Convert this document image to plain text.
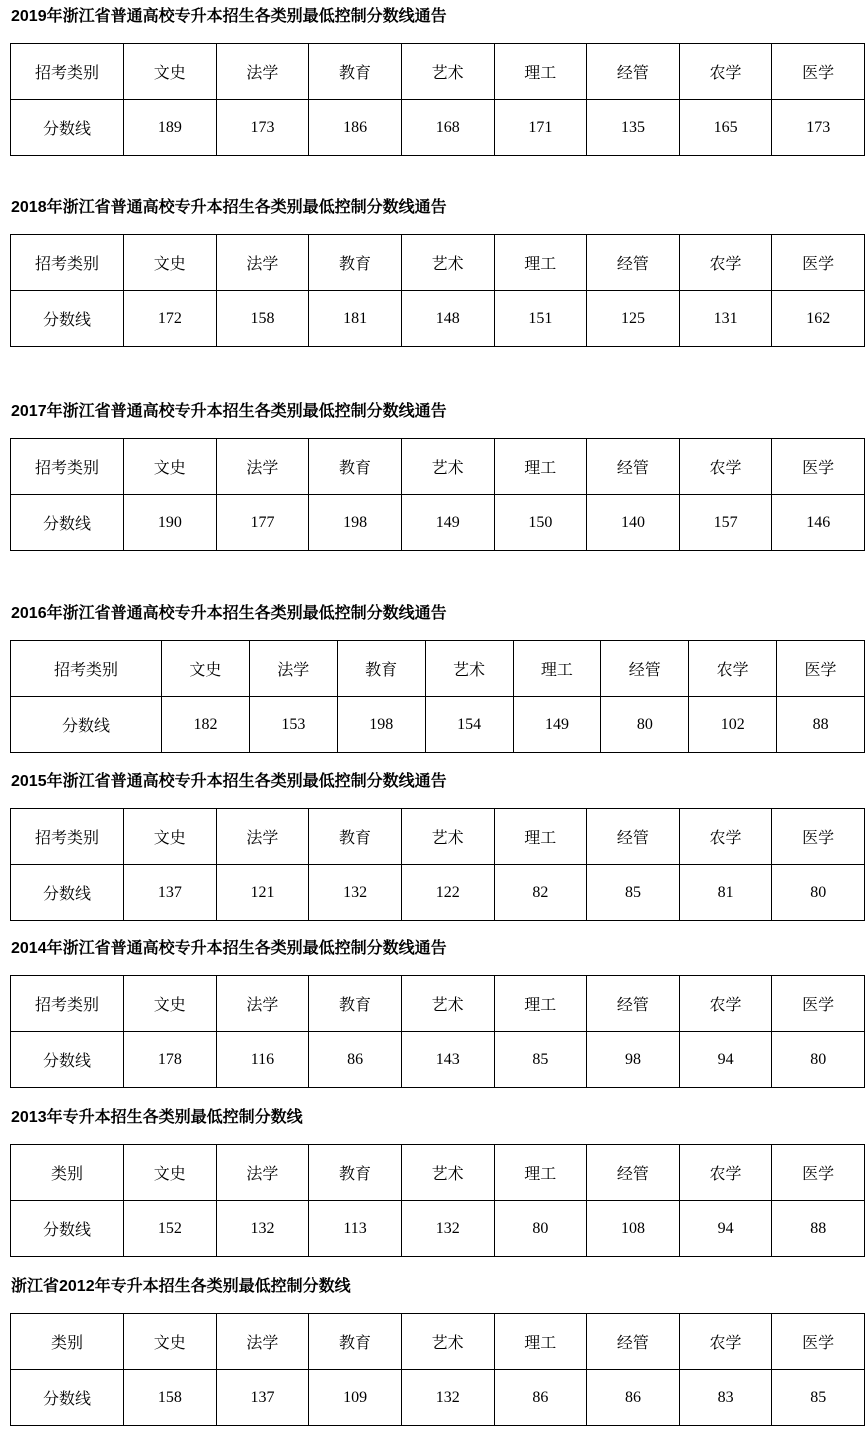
2019年浙江省普通高校专升本招生各类别最低控制分数线通告
招考类别	文史	法学	教育	艺术	理工	经管	农学	医学
分数线	189	173	186	168	171	135	165	173
2018年浙江省普通高校专升本招生各类别最低控制分数线通告
招考类别	文史	法学	教育	艺术	理工	经管	农学	医学
分数线	172	158	181	148	151	125	131	162
2017年浙江省普通高校专升本招生各类别最低控制分数线通告
招考类别	文史	法学	教育	艺术	理工	经管	农学	医学
分数线	190	177	198	149	150	140	157	146
2016年浙江省普通高校专升本招生各类别最低控制分数线通告
招考类别	文史	法学	教育	艺术	理工	经管	农学	医学
分数线	182	153	198	154	149	80	102	88
2015年浙江省普通高校专升本招生各类别最低控制分数线通告
招考类别	文史	法学	教育	艺术	理工	经管	农学	医学
分数线	137	121	132	122	82	85	81	80
2014年浙江省普通高校专升本招生各类别最低控制分数线通告
招考类别	文史	法学	教育	艺术	理工	经管	农学	医学
分数线	178	116	86	143	85	98	94	80
2013年专升本招生各类别最低控制分数线
类别	文史	法学	教育	艺术	理工	经管	农学	医学
分数线	152	132	113	132	80	108	94	88
浙江省2012年专升本招生各类别最低控制分数线
类别	文史	法学	教育	艺术	理工	经管	农学	医学
分数线	158	137	109	132	86	86	83	85
